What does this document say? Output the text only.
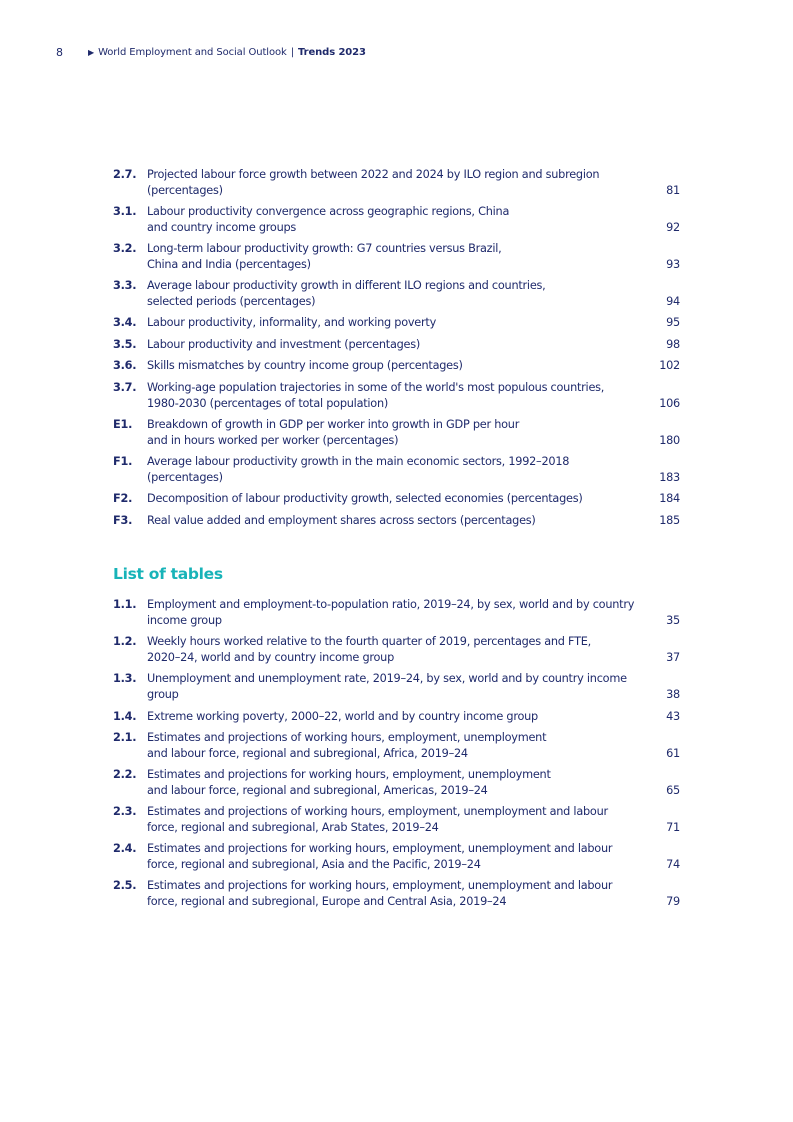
8	▶ World Employment and Social Outlook | Trends 2023
2.7. Projected labour force growth between 2022 and 2024 by ILO region and subregion
(percentages)	81
3.1. Labour productivity convergence across geographic regions, China
and country income groups	92
3.2. Long-term labour productivity growth: G7 countries versus Brazil,
China and India (percentages)	93
3.3. Average labour productivity growth in different ILO regions and countries,
selected periods (percentages)	94
3.4. Labour productivity, informality, and working poverty	95
3.5. Labour productivity and investment (percentages)	98
3.6. Skills mismatches by country income group (percentages)	102
3.7. Working-age population trajectories in some of the world's most populous countries,
1980-2030 (percentages of total population)	106
E1.	Breakdown of growth in GDP per worker into growth in GDP per hour
and in hours worked per worker (percentages)	180
F1.	Average labour productivity growth in the main economic sectors, 1992–2018 (percentages)	183
F2.	Decomposition of labour productivity growth, selected economies (percentages)	184
F3.	Real value added and employment shares across sectors (percentages)	185
List of tables
1.1. Employment and employment-to-population ratio, 2019–24, by sex, world and by country
income group	35
1.2. Weekly hours worked relative to the fourth quarter of 2019, percentages and FTE,
2020–24, world and by country income group	37
1.3. Unemployment and unemployment rate, 2019–24, by sex, world and by country income group	38
1.4. Extreme working poverty, 2000–22, world and by country income group	43
2.1. Estimates and projections of working hours, employment, unemployment
and labour force, regional and subregional, Africa, 2019–24	61
2.2. Estimates and projections for working hours, employment, unemployment
and labour force, regional and subregional, Americas, 2019–24	65
2.3. Estimates and projections of working hours, employment, unemployment and labour
force, regional and subregional, Arab States, 2019–24	71
2.4. Estimates and projections for working hours, employment, unemployment and labour
force, regional and subregional, Asia and the Pacific, 2019–24	74
2.5. Estimates and projections for working hours, employment, unemployment and labour
force, regional and subregional, Europe and Central Asia, 2019–24	79
